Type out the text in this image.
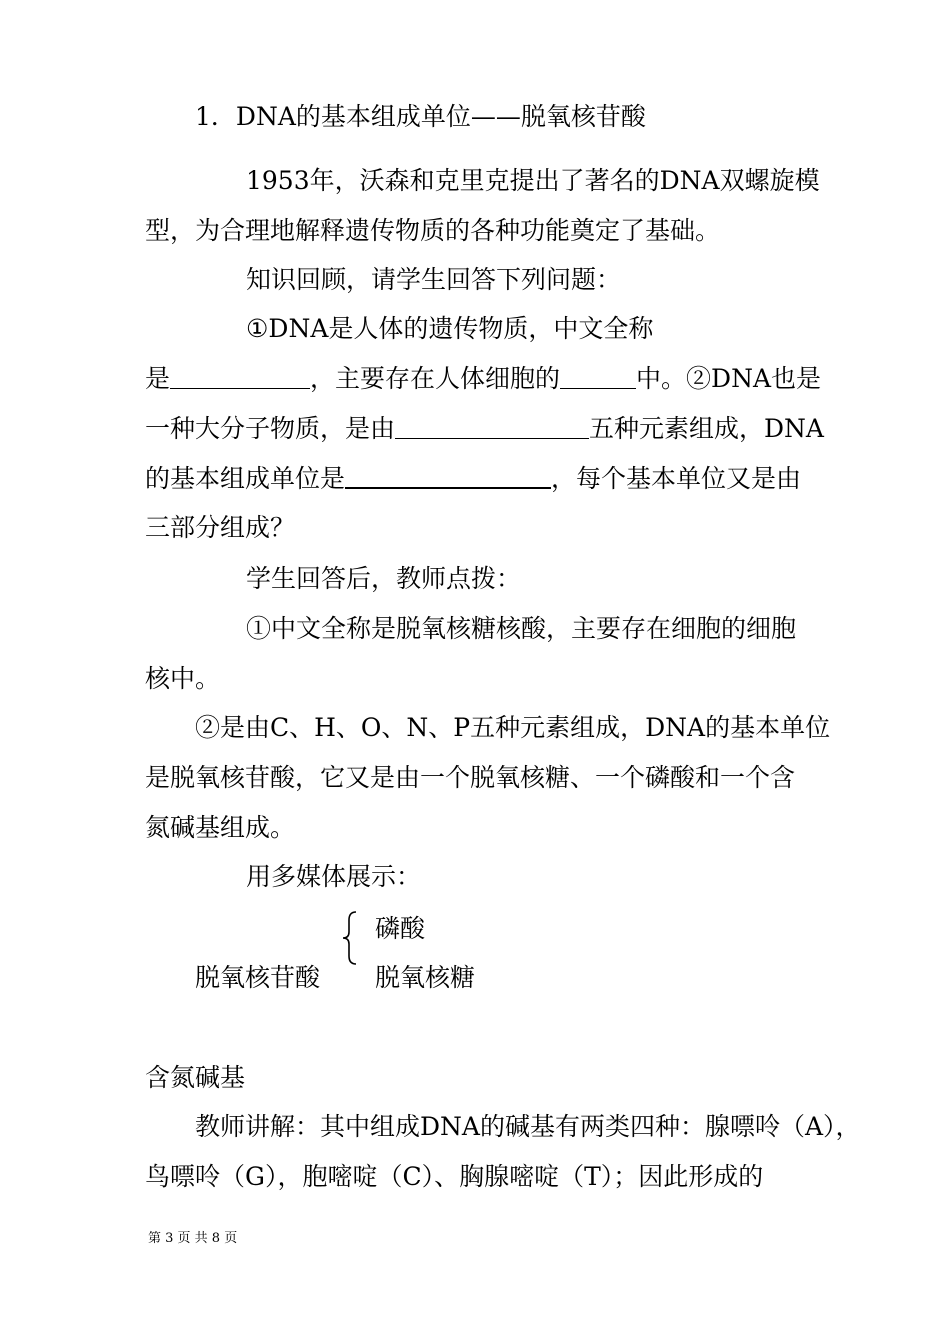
1．DNA的基本组成单位——脱氧核苷酸
1953年，沃森和克里克提出了著名的DNA双螺旋模
型，为合理地解释遗传物质的各种功能奠定了基础。
知识回顾，请学生回答下列问题：
①DNA是人体的遗传物质，中文全称
是	，主要存在人体细胞的	中。②DNA也是
一种大分子物质，是由	五种元素组成，DNA
的基本组成单位是	，每个基本单位又是由
三部分组成？
学生回答后，教师点拨：
①中文全称是脱氧核糖核酸，主要存在细胞的细胞
核中。
②是由C、H、O、N、P五种元素组成，DNA的基本单位
是脱氧核苷酸，它又是由一个脱氧核糖、一个磷酸和一个含
氮碱基组成。
用多媒体展示：
磷酸
脱氧核苷酸 脱氧核糖
含氮碱基
教师讲解：其中组成DNA的碱基有两类四种：腺嘌呤（A），
鸟嘌呤（G），胞嘧啶（C）、胸腺嘧啶（T）；因此形成的
第 3 页 共 8 页
